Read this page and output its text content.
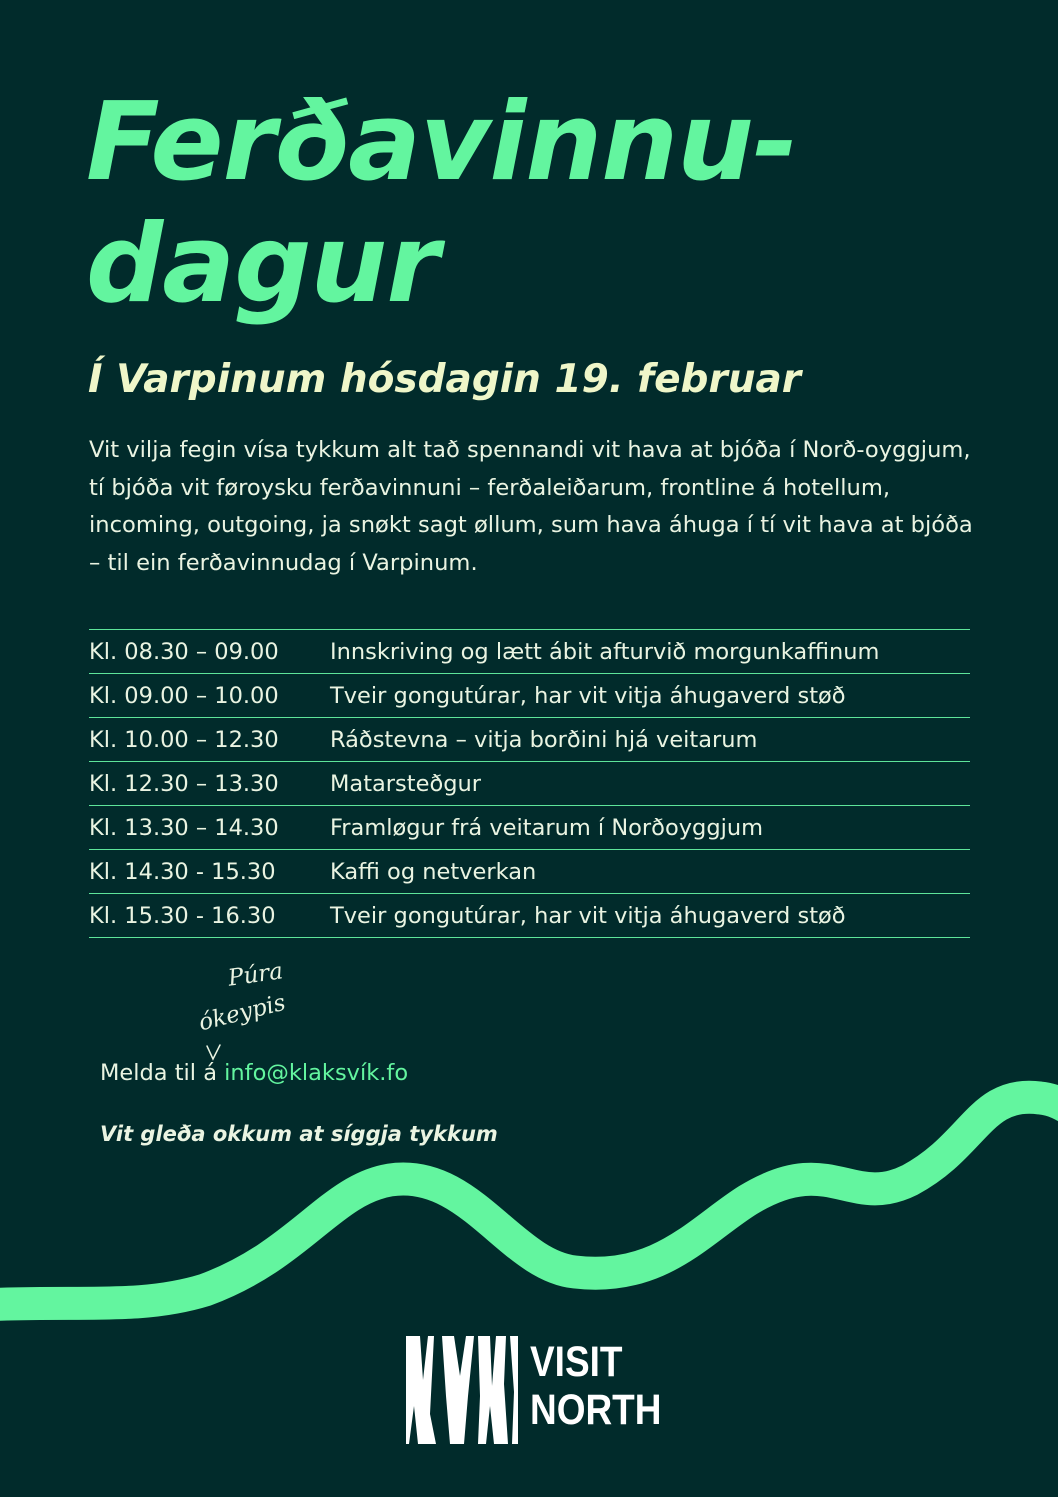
Ferðavinnu-
dagur
Í Varpinum hósdagin 19. februar

Vit vilja fegin vísa tykkum alt tað spennandi vit hava at bjóða í Norð-oyggjum, tí bjóða vit føroysku ferðavinnuni – ferðaleiðarum, frontline á hotellum, incoming, outgoing, ja snøkt sagt øllum, sum hava áhuga í tí vit hava at bjóða – til ein ferðavinnudag í Varpinum.

Kl. 08.30 – 09.00	Innskriving og lætt ábit afturvið morgunkaffinum
Kl. 09.00 – 10.00	Tveir gongutúrar, har vit vitja áhugaverd støð
Kl. 10.00 – 12.30	Ráðstevna – vitja borðini hjá veitarum
Kl. 12.30 – 13.30	Matarsteðgur
Kl. 13.30 – 14.30	Framløgur frá veitarum í Norðoyggjum
Kl. 14.30 - 15.30	Kaffi og netverkan
Kl. 15.30 - 16.30	Tveir gongutúrar, har vit vitja áhugaverd støð
Púra
ókeypis

Melda til á info@klaksvík.fo

Vit gleða okkum at síggja tykkum

VISIT
NORTH
